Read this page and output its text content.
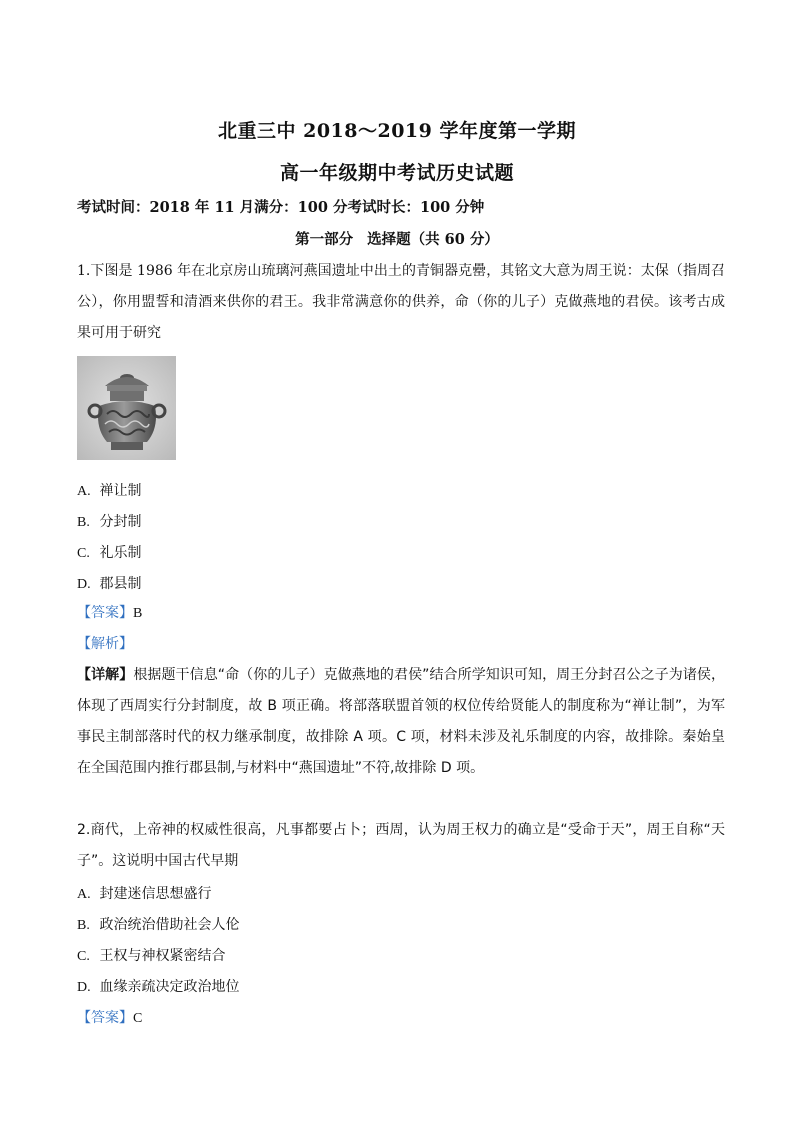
北重三中 2018～2019 学年度第一学期
高一年级期中考试历史试题
考试时间：2018 年 11 月满分：100 分考试时长：100 分钟
第一部分 选择题（共 60 分）
1.下图是 1986 年在北京房山琉璃河燕国遗址中出土的青铜器克罍，其铭文大意为周王说：太保（指周召公），你用盟誓和清酒来供你的君王。我非常满意你的供养，命（你的儿子）克做燕地的君侯。该考古成果可用于研究
A. 禅让制
B. 分封制
C. 礼乐制
D. 郡县制
【答案】B
【解析】
【详解】根据题干信息“命（你的儿子）克做燕地的君侯”结合所学知识可知，周王分封召公之子为诸侯，体现了西周实行分封制度，故 B 项正确。将部落联盟首领的权位传给贤能人的制度称为“禅让制”，为军事民主制部落时代的权力继承制度，故排除 A 项。C 项，材料未涉及礼乐制度的内容，故排除。秦始皇在全国范围内推行郡县制,与材料中“燕国遗址”不符,故排除 D 项。
2.商代，上帝神的权威性很高，凡事都要占卜；西周，认为周王权力的确立是“受命于天”，周王自称“天子”。这说明中国古代早期
A. 封建迷信思想盛行
B. 政治统治借助社会人伦
C. 王权与神权紧密结合
D. 血缘亲疏决定政治地位
【答案】C
